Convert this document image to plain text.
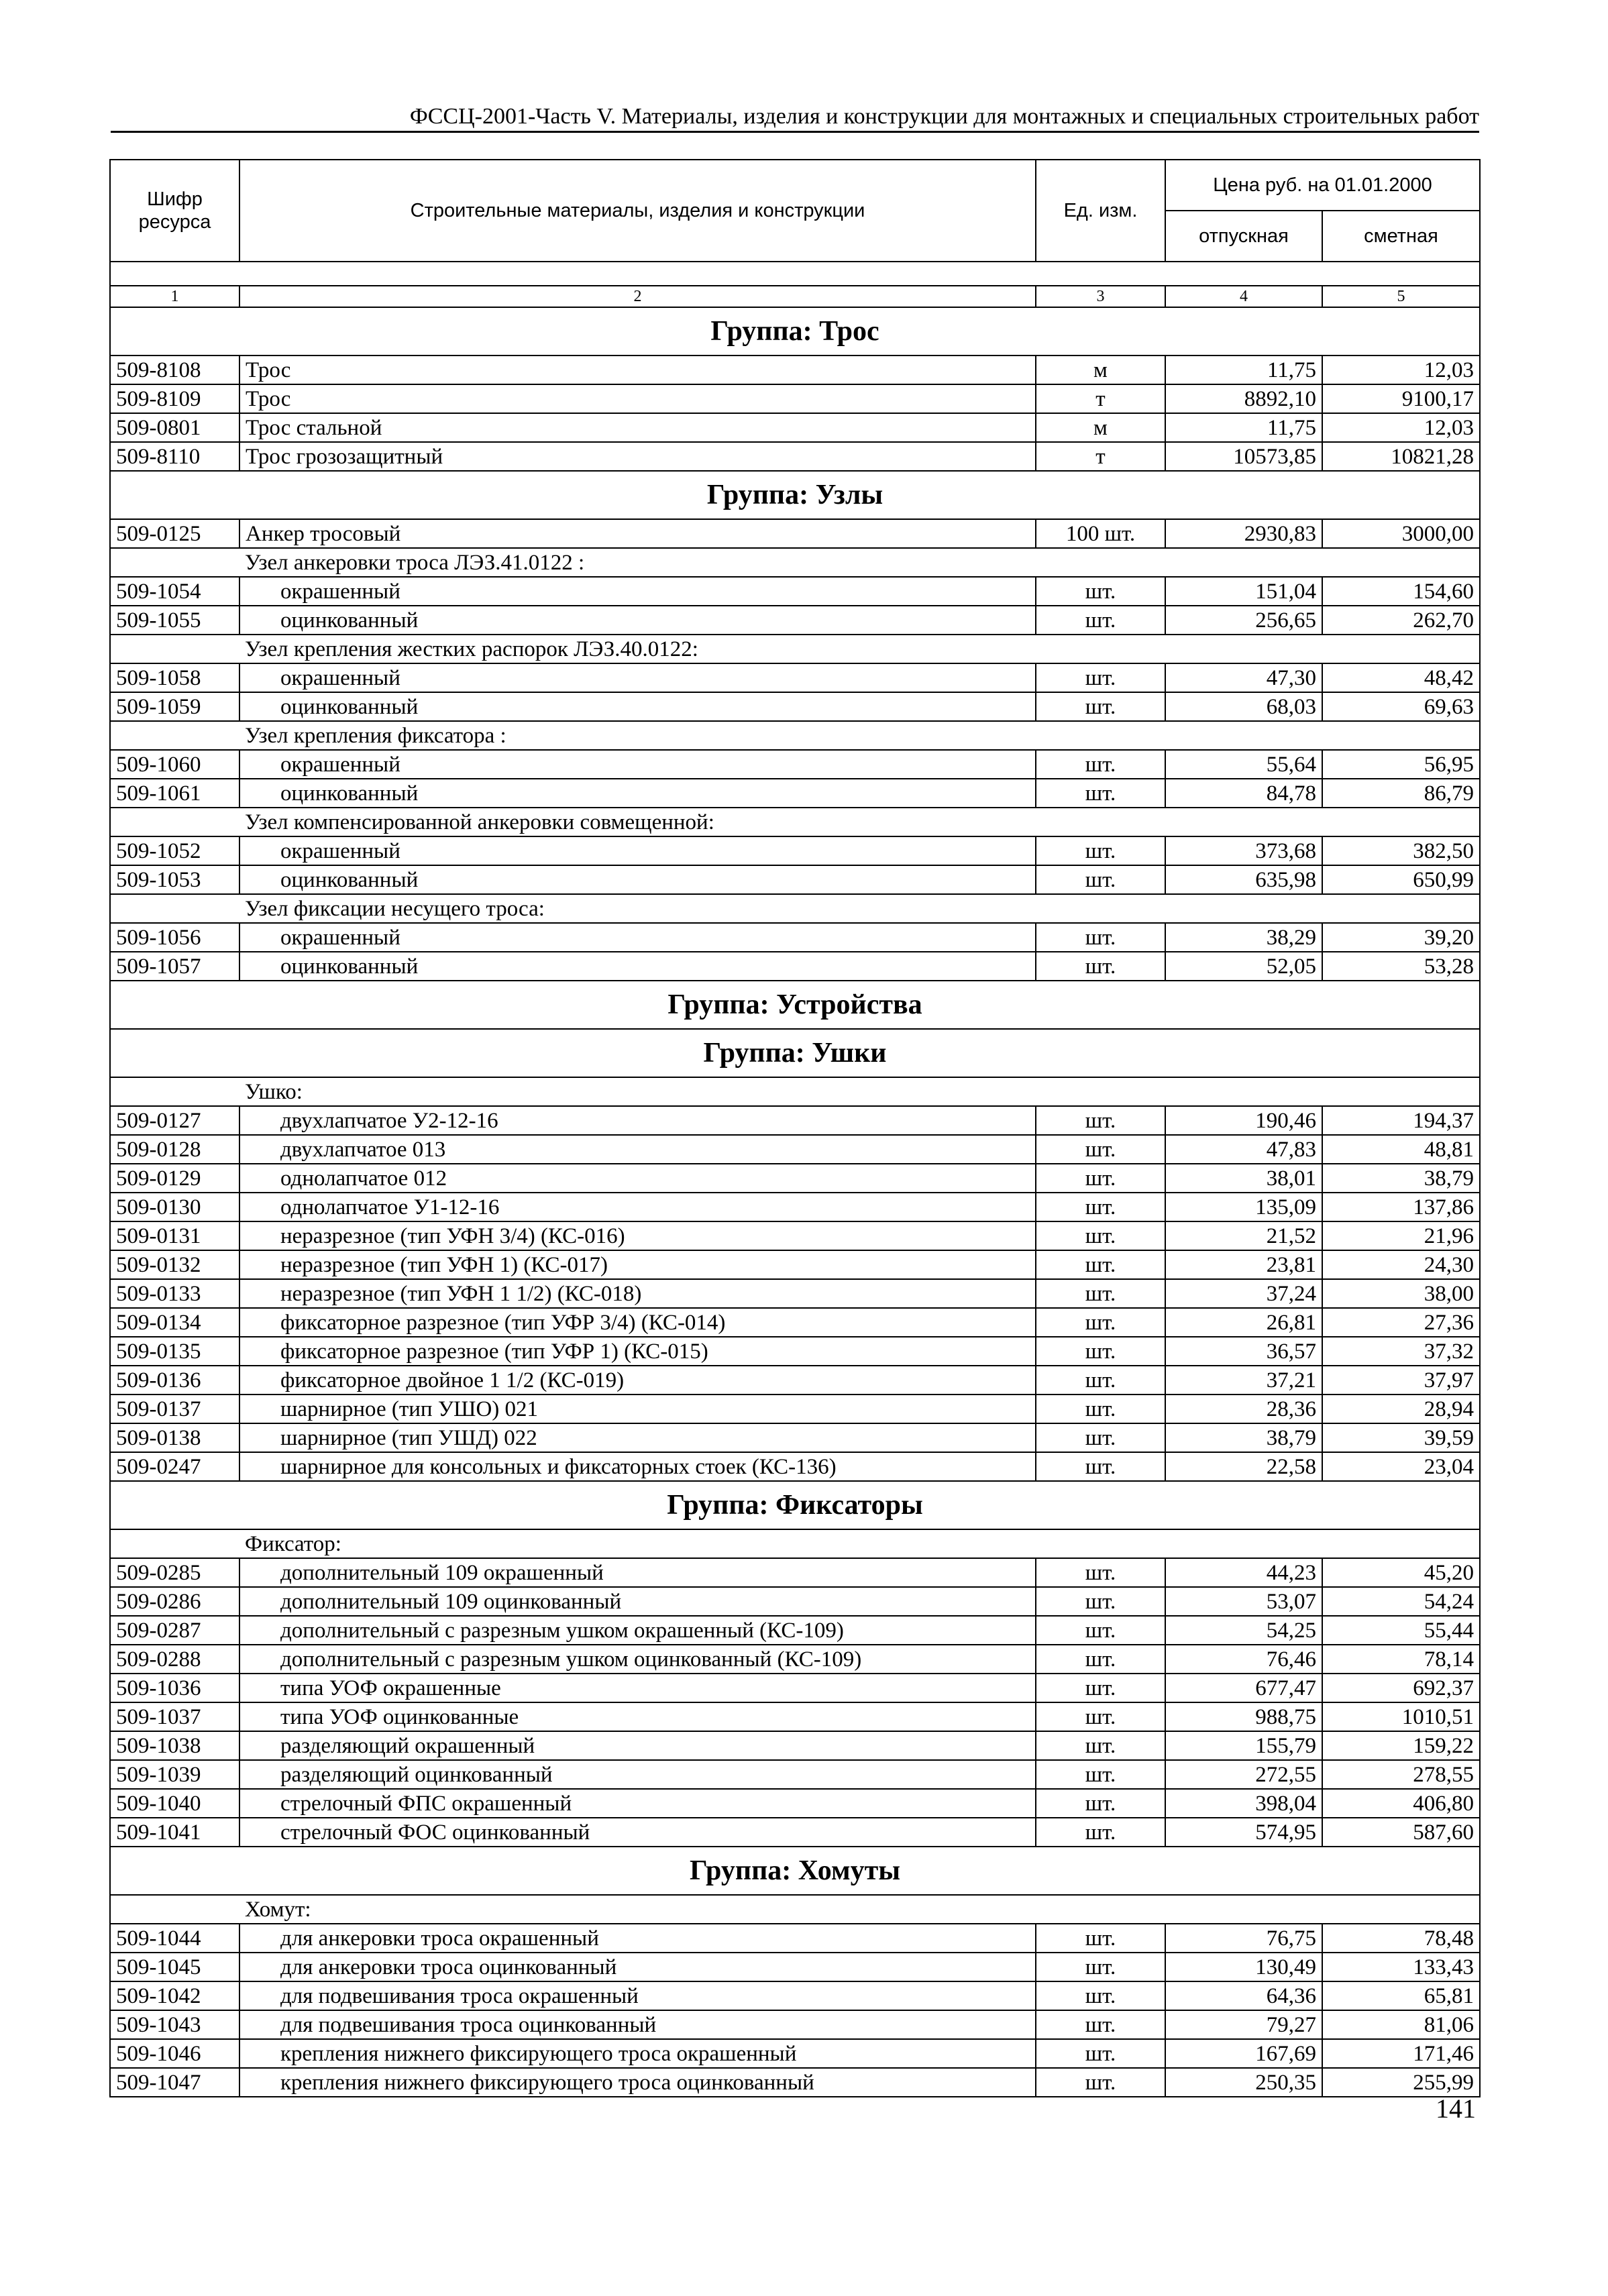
ФССЦ-2001-Часть V. Материалы, изделия и конструкции для монтажных и специальных строительных работ
Шифр ресурса	Строительные материалы, изделия и конструкции	Ед. изм.	Цена руб. на 01.01.2000	
			отпускная	сметная

1	2	3	4	5
Группа: Трос				
509-8108	Трос	м	11,75	12,03
509-8109	Трос	т	8892,10	9100,17
509-0801	Трос стальной	м	11,75	12,03
509-8110	Трос грозозащитный	т	10573,85	10821,28
Группа: Узлы				
509-0125	Анкер тросовый	100 шт.	2930,83	3000,00
	Узел анкеровки троса ЛЭЗ.41.0122 :			
509-1054	окрашенный	шт.	151,04	154,60
509-1055	оцинкованный	шт.	256,65	262,70
	Узел крепления жестких распорок ЛЭЗ.40.0122:			
509-1058	окрашенный	шт.	47,30	48,42
509-1059	оцинкованный	шт.	68,03	69,63
	Узел крепления фиксатора :			
509-1060	окрашенный	шт.	55,64	56,95
509-1061	оцинкованный	шт.	84,78	86,79
	Узел компенсированной анкеровки совмещенной:			
509-1052	окрашенный	шт.	373,68	382,50
509-1053	оцинкованный	шт.	635,98	650,99
	Узел фиксации несущего троса:			
509-1056	окрашенный	шт.	38,29	39,20
509-1057	оцинкованный	шт.	52,05	53,28
Группа: Устройства				
Группа: Ушки				
	Ушко:			
509-0127	двухлапчатое У2-12-16	шт.	190,46	194,37
509-0128	двухлапчатое 013	шт.	47,83	48,81
509-0129	однолапчатое 012	шт.	38,01	38,79
509-0130	однолапчатое У1-12-16	шт.	135,09	137,86
509-0131	неразрезное (тип УФН 3/4) (КС-016)	шт.	21,52	21,96
509-0132	неразрезное (тип УФН 1) (КС-017)	шт.	23,81	24,30
509-0133	неразрезное (тип УФН 1 1/2) (КС-018)	шт.	37,24	38,00
509-0134	фиксаторное разрезное (тип УФР 3/4) (КС-014)	шт.	26,81	27,36
509-0135	фиксаторное разрезное (тип УФР 1) (КС-015)	шт.	36,57	37,32
509-0136	фиксаторное двойное 1 1/2 (КС-019)	шт.	37,21	37,97
509-0137	шарнирное (тип УШО) 021	шт.	28,36	28,94
509-0138	шарнирное (тип УШД) 022	шт.	38,79	39,59
509-0247	шарнирное для консольных и фиксаторных стоек (КС-136)	шт.	22,58	23,04
Группа: Фиксаторы				
	Фиксатор:			
509-0285	дополнительный 109 окрашенный	шт.	44,23	45,20
509-0286	дополнительный 109 оцинкованный	шт.	53,07	54,24
509-0287	дополнительный с разрезным ушком окрашенный (КС-109)	шт.	54,25	55,44
509-0288	дополнительный с разрезным ушком оцинкованный (КС-109)	шт.	76,46	78,14
509-1036	типа УОФ окрашенные	шт.	677,47	692,37
509-1037	типа УОФ оцинкованные	шт.	988,75	1010,51
509-1038	разделяющий окрашенный	шт.	155,79	159,22
509-1039	разделяющий оцинкованный	шт.	272,55	278,55
509-1040	стрелочный ФПС окрашенный	шт.	398,04	406,80
509-1041	стрелочный ФОС оцинкованный	шт.	574,95	587,60
Группа: Хомуты				
	Хомут:			
509-1044	для анкеровки троса окрашенный	шт.	76,75	78,48
509-1045	для анкеровки троса оцинкованный	шт.	130,49	133,43
509-1042	для подвешивания троса окрашенный	шт.	64,36	65,81
509-1043	для подвешивания троса оцинкованный	шт.	79,27	81,06
509-1046	крепления нижнего фиксирующего троса окрашенный	шт.	167,69	171,46
509-1047	крепления нижнего фиксирующего троса оцинкованный	шт.	250,35	255,99
141
